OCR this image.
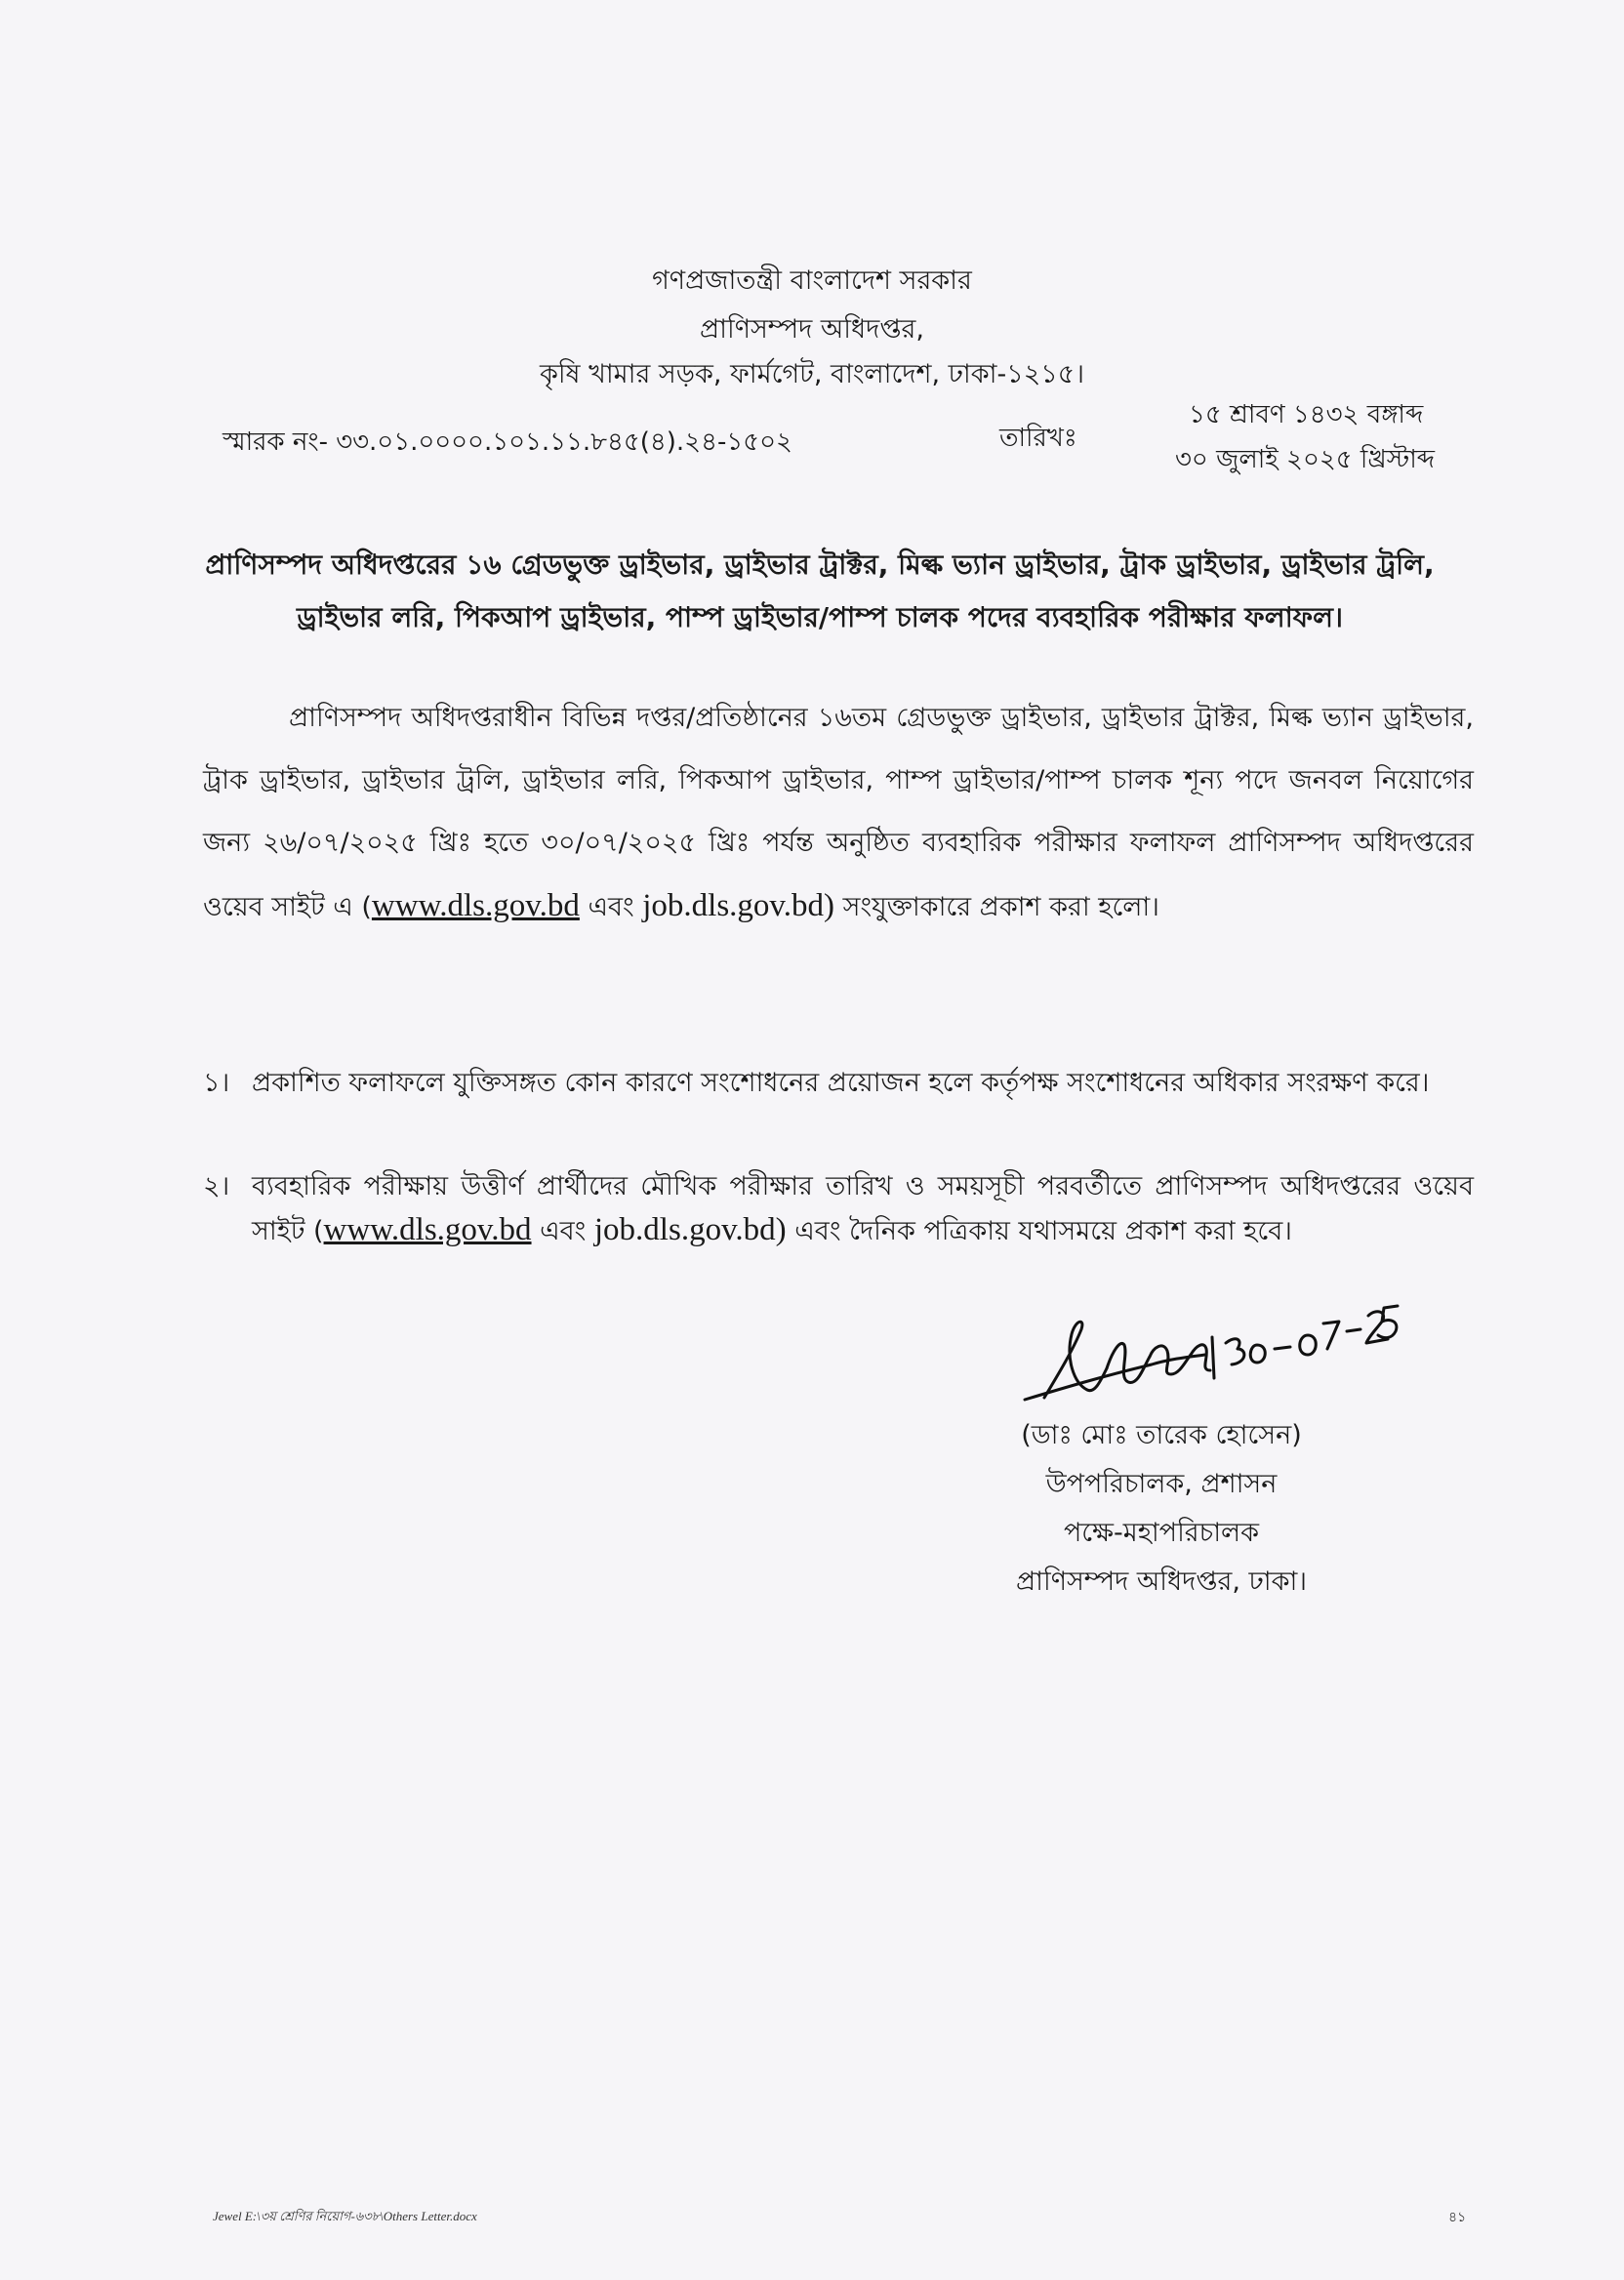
গণপ্রজাতন্ত্রী বাংলাদেশ সরকার
প্রাণিসম্পদ অধিদপ্তর,
কৃষি খামার সড়ক, ফার্মগেট, বাংলাদেশ, ঢাকা-১২১৫।
স্মারক নং- ৩৩.০১.০০০০.১০১.১১.৮৪৫(৪).২৪-১৫০২	তারিখঃ
১৫ শ্রাবণ ১৪৩২ বঙ্গাব্দ
৩০ জুলাই ২০২৫ খ্রিস্টাব্দ
প্রাণিসম্পদ অধিদপ্তরের ১৬ গ্রেডভুক্ত ড্রাইভার, ড্রাইভার ট্রাক্টর, মিল্ক ভ্যান ড্রাইভার, ট্রাক ড্রাইভার, ড্রাইভার ট্রলি,
ড্রাইভার লরি, পিকআপ ড্রাইভার, পাম্প ড্রাইভার/পাম্প চালক পদের ব্যবহারিক পরীক্ষার ফলাফল।
প্রাণিসম্পদ অধিদপ্তরাধীন বিভিন্ন দপ্তর/প্রতিষ্ঠানের ১৬তম গ্রেডভুক্ত ড্রাইভার, ড্রাইভার ট্রাক্টর, মিল্ক ভ্যান ড্রাইভার, ট্রাক ড্রাইভার, ড্রাইভার ট্রলি, ড্রাইভার লরি, পিকআপ ড্রাইভার, পাম্প ড্রাইভার/পাম্প চালক শূন্য পদে জনবল নিয়োগের জন্য ২৬/০৭/২০২৫ খ্রিঃ হতে ৩০/০৭/২০২৫ খ্রিঃ পর্যন্ত অনুষ্ঠিত ব্যবহারিক পরীক্ষার ফলাফল প্রাণিসম্পদ অধিদপ্তরের ওয়েব সাইট এ (www.dls.gov.bd এবং job.dls.gov.bd) সংযুক্তাকারে প্রকাশ করা হলো।
১। প্রকাশিত ফলাফলে যুক্তিসঙ্গত কোন কারণে সংশোধনের প্রয়োজন হলে কর্তৃপক্ষ সংশোধনের অধিকার সংরক্ষণ করে।
২। ব্যবহারিক পরীক্ষায় উত্তীর্ণ প্রার্থীদের মৌখিক পরীক্ষার তারিখ ও সময়সূচী পরবর্তীতে প্রাণিসম্পদ অধিদপ্তরের ওয়েব সাইট (www.dls.gov.bd এবং job.dls.gov.bd) এবং দৈনিক পত্রিকায় যথাসময়ে প্রকাশ করা হবে।
(ডাঃ মোঃ তারেক হোসেন)
উপপরিচালক, প্রশাসন
পক্ষে-মহাপরিচালক
প্রাণিসম্পদ অধিদপ্তর, ঢাকা।
Jewel E:\৩য় শ্রেণির নিয়োগ-৬৩৮\Others Letter.docx	৪১
